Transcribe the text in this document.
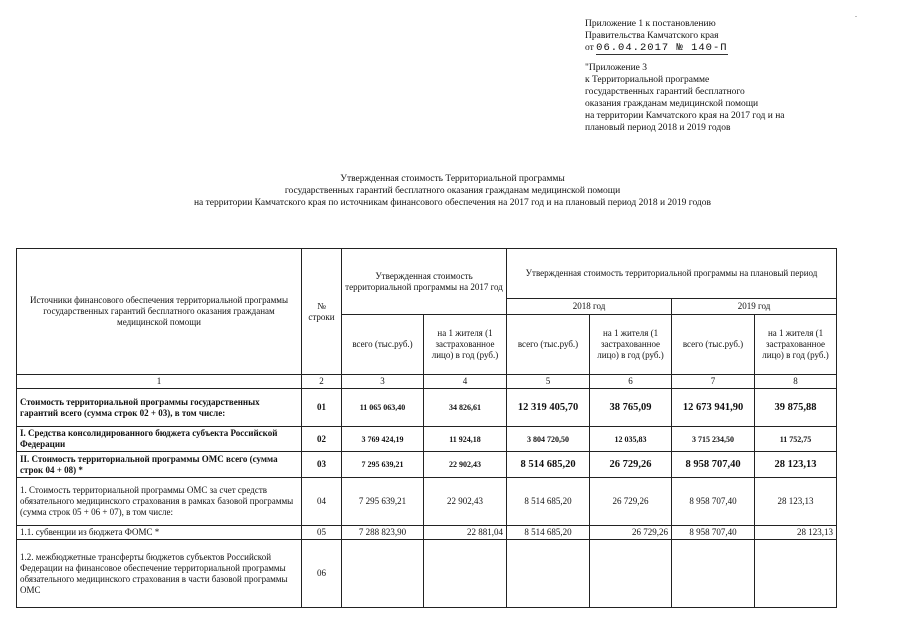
.
Приложение 1 к постановлению
Правительства Камчатского края
от 06.04.2017 № 140-П
"Приложение 3
к Территориальной программе
государственных гарантий бесплатного
оказания гражданам медицинской помощи
на территории Камчатского края на 2017 год и на
плановый период 2018 и 2019 годов
Утвержденная стоимость Территориальной программы
государственных гарантий бесплатного оказания гражданам медицинской помощи
на территории Камчатского края по источникам финансового обеспечения на 2017 год и на плановый период 2018 и 2019 годов
Источники финансового обеспечения территориальной программы государственных гарантий бесплатного оказания гражданам медицинской помощи	№ строки	Утвержденная стоимость территориальной программы на 2017 год		Утвержденная стоимость территориальной программы на плановый период			
				2018 год		2019 год	
		всего (тыс.руб.)	на 1 жителя (1 застрахованное лицо) в год (руб.)	всего (тыс.руб.)	на 1 жителя (1 застрахованное лицо) в год (руб.)	всего (тыс.руб.)	на 1 жителя (1 застрахованное лицо) в год (руб.)
1	2	3	4	5	6	7	8
Стоимость территориальной программы государственных гарантий всего (сумма строк 02 + 03), в том числе:	01	11 065 063,40	34 826,61	12 319 405,70	38 765,09	12 673 941,90	39 875,88
I. Средства консолидированного бюджета субъекта Российской Федерации	02	3 769 424,19	11 924,18	3 804 720,50	12 035,83	3 715 234,50	11 752,75
II. Стоимость территориальной программы ОМС всего (сумма строк 04 + 08) *	03	7 295 639,21	22 902,43	8 514 685,20	26 729,26	8 958 707,40	28 123,13
1. Стоимость территориальной программы ОМС за счет средств обязательного медицинского страхования в рамках базовой программы (сумма строк 05 + 06 + 07), в том числе:	04	7 295 639,21	22 902,43	8 514 685,20	26 729,26	8 958 707,40	28 123,13
1.1. субвенции из бюджета ФОМС *	05	7 288 823,90	22 881,04	8 514 685,20	26 729,26	8 958 707,40	28 123,13
1.2. межбюджетные трансферты бюджетов субъектов Российской Федерации на финансовое обеспечение территориальной программы обязательного медицинского страхования в части базовой программы ОМС	06						
